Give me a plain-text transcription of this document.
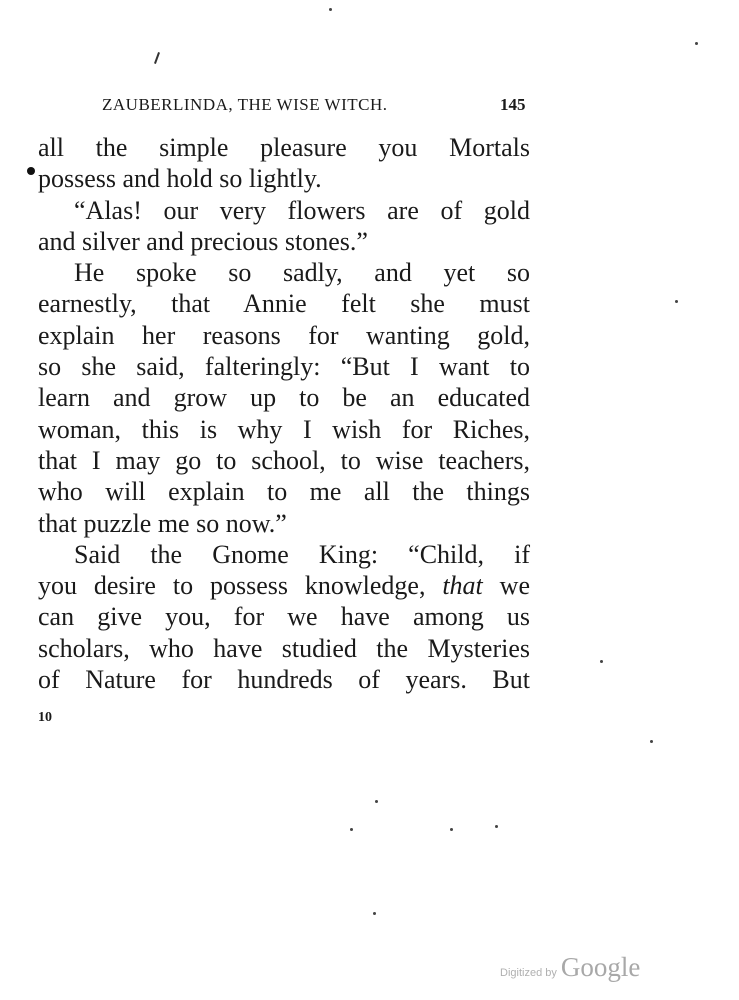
ZAUBERLINDA, THE WISE WITCH.	145
all the simple pleasure you Mortals
possess and hold so lightly.
“Alas! our very flowers are of gold
and silver and precious stones.”
He spoke so sadly, and yet so
earnestly, that Annie felt she must
explain her reasons for wanting gold,
so she said, falteringly: “But I want to
learn and grow up to be an educated
woman, this is why I wish for Riches,
that I may go to school, to wise teachers,
who will explain to me all the things
that puzzle me so now.”
Said the Gnome King: “Child, if
you desire to possess knowledge, that we
can give you, for we have among us
scholars, who have studied the Mysteries
of Nature for hundreds of years. But
10
Digitized by Google
